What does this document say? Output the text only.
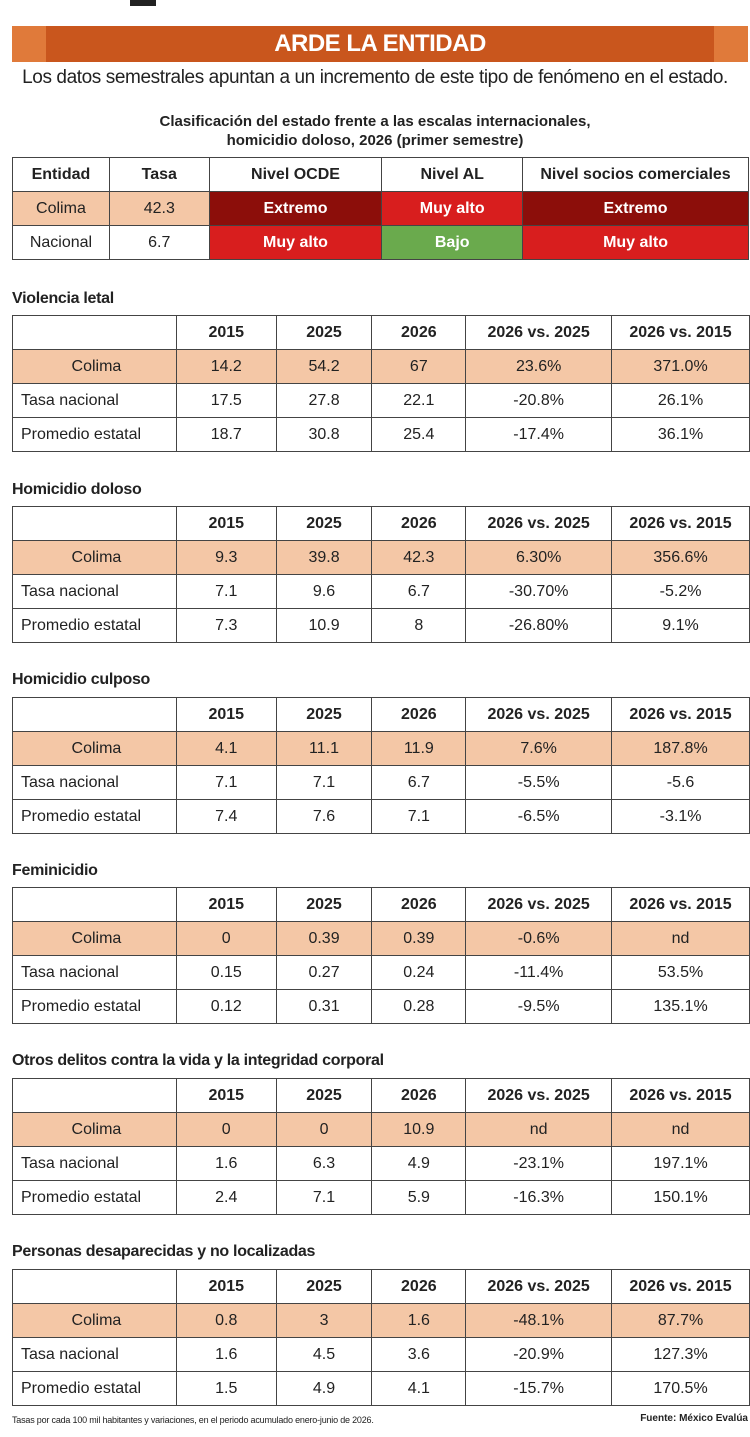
ARDE LA ENTIDAD
Los datos semestrales apuntan a un incremento de este tipo de fenómeno en el estado.
Clasificación del estado frente a las escalas internacionales,
homicidio doloso, 2026 (primer semestre)
Entidad	Tasa	Nivel OCDE	Nivel AL	Nivel socios comerciales
Colima	42.3	Extremo	Muy alto	Extremo
Nacional	6.7	Muy alto	Bajo	Muy alto
Violencia letal
	2015	2025	2026	2026 vs. 2025	2026 vs. 2015
Colima	14.2	54.2	67	23.6%	371.0%
Tasa nacional	17.5	27.8	22.1	-20.8%	26.1%
Promedio estatal	18.7	30.8	25.4	-17.4%	36.1%
Homicidio doloso
	2015	2025	2026	2026 vs. 2025	2026 vs. 2015
Colima	9.3	39.8	42.3	6.30%	356.6%
Tasa nacional	7.1	9.6	6.7	-30.70%	-5.2%
Promedio estatal	7.3	10.9	8	-26.80%	9.1%
Homicidio culposo
	2015	2025	2026	2026 vs. 2025	2026 vs. 2015
Colima	4.1	11.1	11.9	7.6%	187.8%
Tasa nacional	7.1	7.1	6.7	-5.5%	-5.6
Promedio estatal	7.4	7.6	7.1	-6.5%	-3.1%
Feminicidio
	2015	2025	2026	2026 vs. 2025	2026 vs. 2015
Colima	0	0.39	0.39	-0.6%	nd
Tasa nacional	0.15	0.27	0.24	-11.4%	53.5%
Promedio estatal	0.12	0.31	0.28	-9.5%	135.1%
Otros delitos contra la vida y la integridad corporal
	2015	2025	2026	2026 vs. 2025	2026 vs. 2015
Colima	0	0	10.9	nd	nd
Tasa nacional	1.6	6.3	4.9	-23.1%	197.1%
Promedio estatal	2.4	7.1	5.9	-16.3%	150.1%
Personas desaparecidas y no localizadas
	2015	2025	2026	2026 vs. 2025	2026 vs. 2015
Colima	0.8	3	1.6	-48.1%	87.7%
Tasa nacional	1.6	4.5	3.6	-20.9%	127.3%
Promedio estatal	1.5	4.9	4.1	-15.7%	170.5%
Tasas por cada 100 mil habitantes y variaciones, en el periodo acumulado enero-junio de 2026.	Fuente: México Evalúa
